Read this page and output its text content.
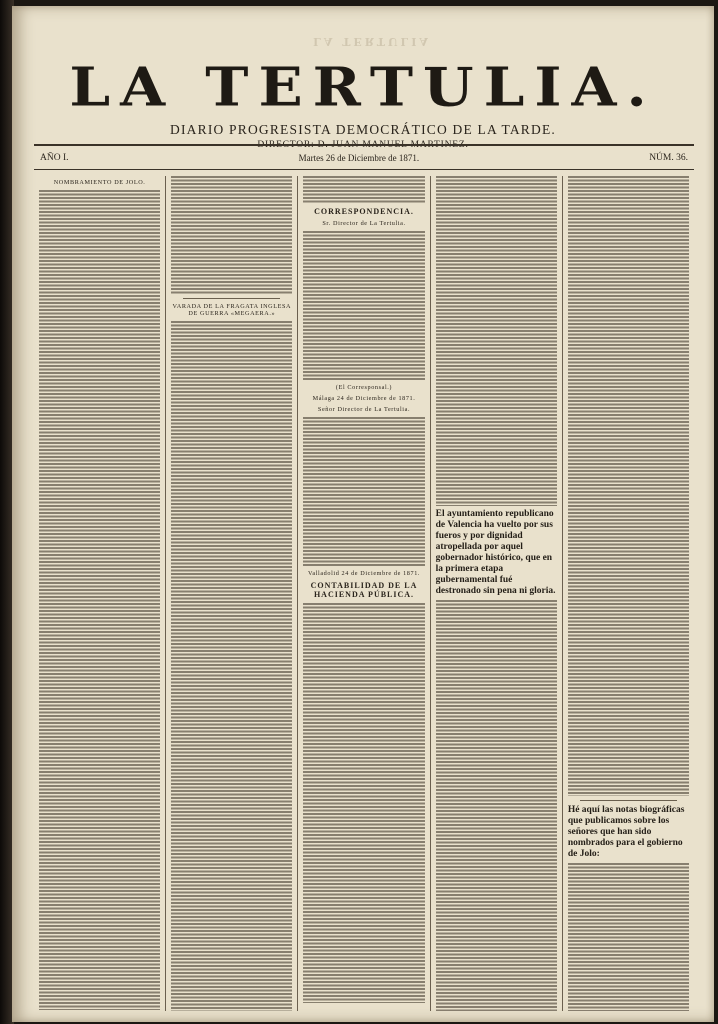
LA TERTULIA
LA TERTULIA.
DIARIO PROGRESISTA DEMOCRÁTICO DE LA TARDE.
DIRECTOR: D. JUAN MANUEL MARTINEZ.
AÑO I.	Martes 26 de Diciembre de 1871.	NÚM. 36.
NOMBRAMIENTO DE JOLO.
VARADA DE LA FRAGATA INGLESA DE GUERRA «MEGAERA.»
CORRESPONDENCIA.
Sr. Director de La Tertulia.
(El Corresponsal.)
Málaga 24 de Diciembre de 1871.
Señor Director de La Tertulia.
Valladolid 24 de Diciembre de 1871.
CONTABILIDAD DE LA HACIENDA PÚBLICA.
El ayuntamiento republicano de Valencia ha vuelto por sus fueros y por dignidad atropellada por aquel gobernador histórico, que en la primera etapa gubernamental fué destronado sin pena ni gloria.
Hé aquí las notas biográficas que publicamos sobre los señores que han sido nombrados para el gobierno de Jolo:
